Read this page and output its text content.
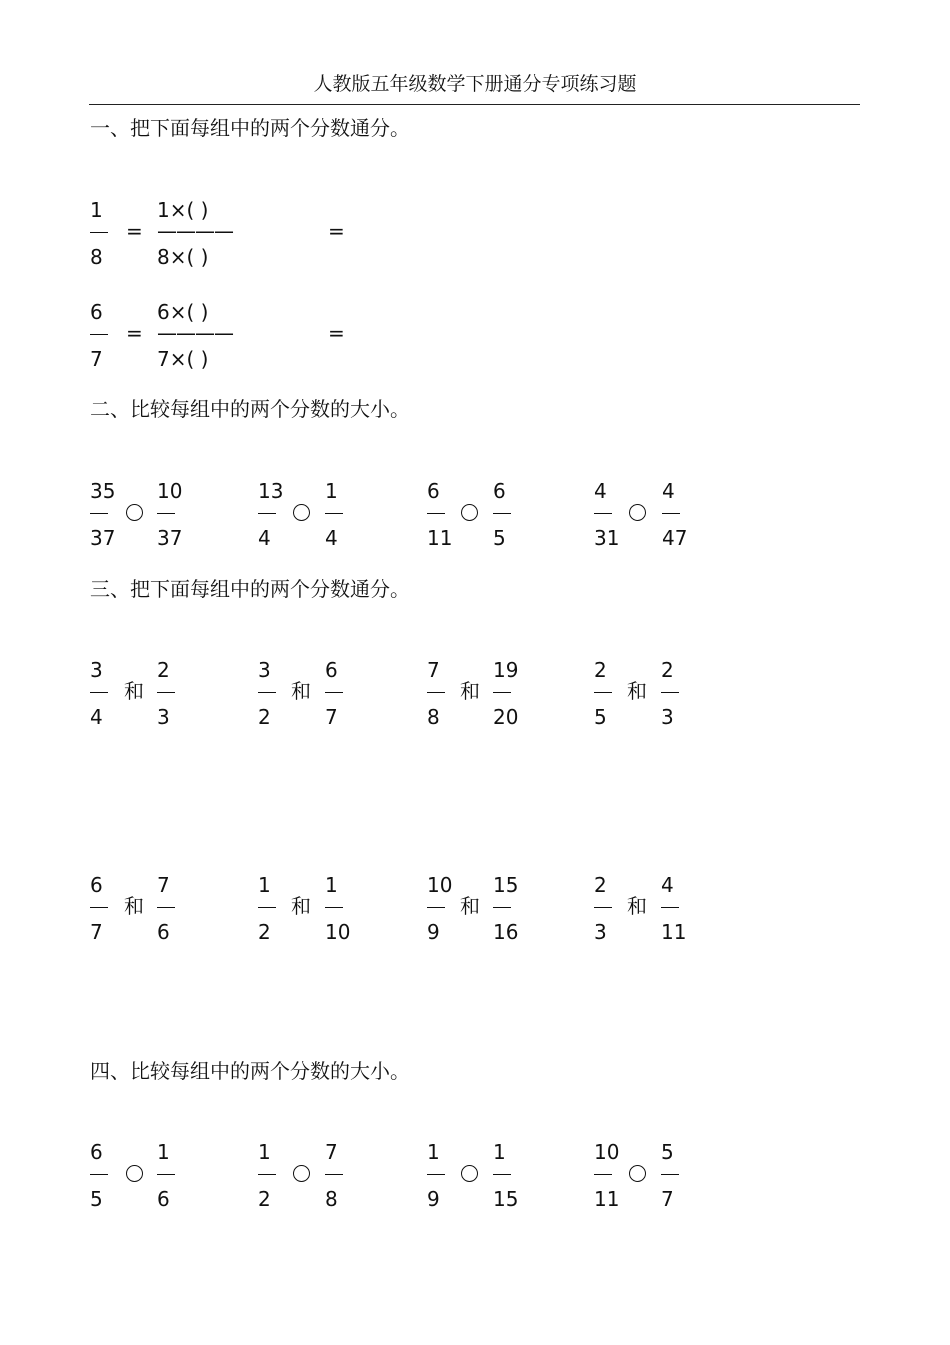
人教版五年级数学下册通分专项练习题
一、把下面每组中的两个分数通分。
1
8
=
1×( )
————
8×( )
=
6
7
=
6×( )
————
7×( )
=
二、比较每组中的两个分数的大小。
35
37
10
37
13
4
1
4
6
11
6
5
4
31
4
47
三、把下面每组中的两个分数通分。
3
4
和
2
3
3
2
和
6
7
7
8
和
19
20
2
5
和
2
3
6
7
和
7
6
1
2
和
1
10
10
9
和
15
16
2
3
和
4
11
四、比较每组中的两个分数的大小。
6
5
1
6
1
2
7
8
1
9
1
15
10
11
5
7
